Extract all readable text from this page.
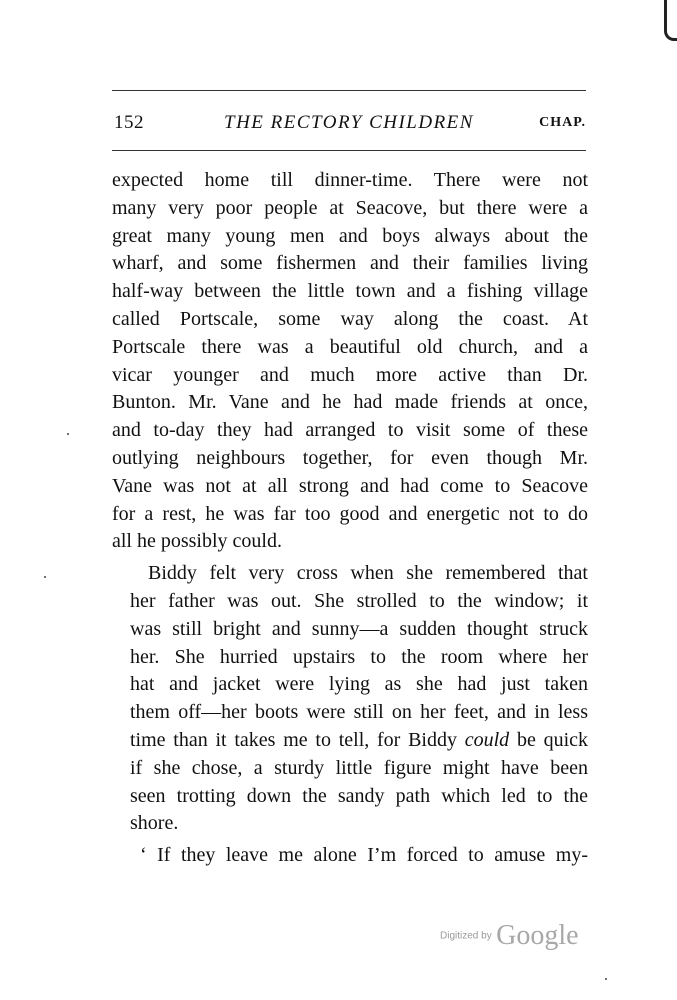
152	THE RECTORY CHILDREN	CHAP.

expected home till dinner-time. There were not
many very poor people at Seacove, but there were a
great many young men and boys always about the
wharf, and some fishermen and their families living
half-way between the little town and a fishing village
called Portscale, some way along the coast. At
Portscale there was a beautiful old church, and a
vicar younger and much more active than Dr.
Bunton. Mr. Vane and he had made friends at once,
and to-day they had arranged to visit some of these
outlying neighbours together, for even though Mr.
Vane was not at all strong and had come to Seacove
for a rest, he was far too good and energetic not to do
all he possibly could.

Biddy felt very cross when she remembered that
her father was out. She strolled to the window; it
was still bright and sunny—a sudden thought struck
her. She hurried upstairs to the room where her
hat and jacket were lying as she had just taken
them off—her boots were still on her feet, and in less
time than it takes me to tell, for Biddy could be quick
if she chose, a sturdy little figure might have been
seen trotting down the sandy path which led to the
shore.

‘ If they leave me alone I’m forced to amuse my-

Digitized by Google
